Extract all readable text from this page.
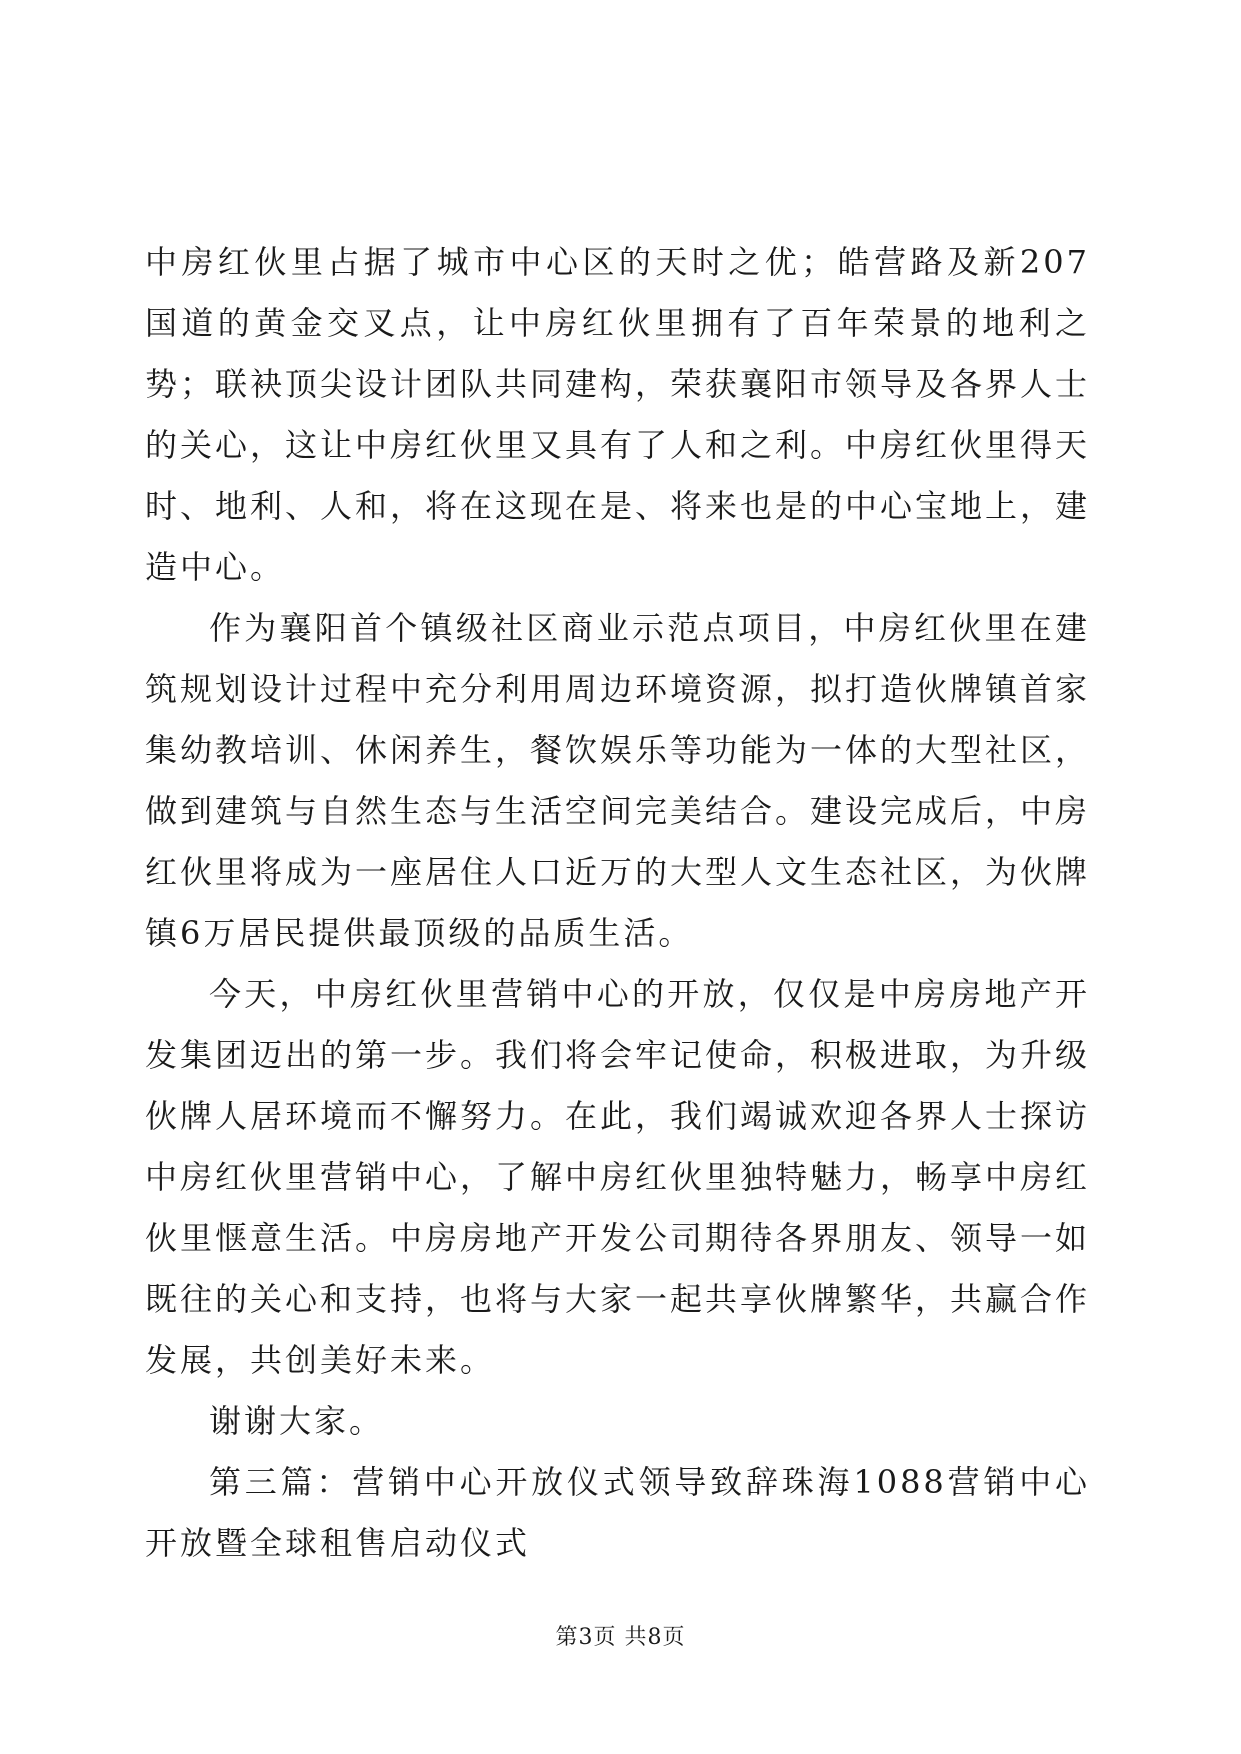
中房红伙里占据了城市中心区的天时之优；皓营路及新207国道的黄金交叉点，让中房红伙里拥有了百年荣景的地利之势；联袂顶尖设计团队共同建构，荣获襄阳市领导及各界人士的关心，这让中房红伙里又具有了人和之利。中房红伙里得天时、地利、人和，将在这现在是、将来也是的中心宝地上，建造中心。

作为襄阳首个镇级社区商业示范点项目，中房红伙里在建筑规划设计过程中充分利用周边环境资源，拟打造伙牌镇首家集幼教培训、休闲养生，餐饮娱乐等功能为一体的大型社区，做到建筑与自然生态与生活空间完美结合。建设完成后，中房红伙里将成为一座居住人口近万的大型人文生态社区，为伙牌镇6万居民提供最顶级的品质生活。

今天，中房红伙里营销中心的开放，仅仅是中房房地产开发集团迈出的第一步。我们将会牢记使命，积极进取，为升级伙牌人居环境而不懈努力。在此，我们竭诚欢迎各界人士探访中房红伙里营销中心，了解中房红伙里独特魅力，畅享中房红伙里惬意生活。中房房地产开发公司期待各界朋友、领导一如既往的关心和支持，也将与大家一起共享伙牌繁华，共赢合作发展，共创美好未来。

谢谢大家。

第三篇：营销中心开放仪式领导致辞珠海1088营销中心开放暨全球租售启动仪式

第3页 共8页
